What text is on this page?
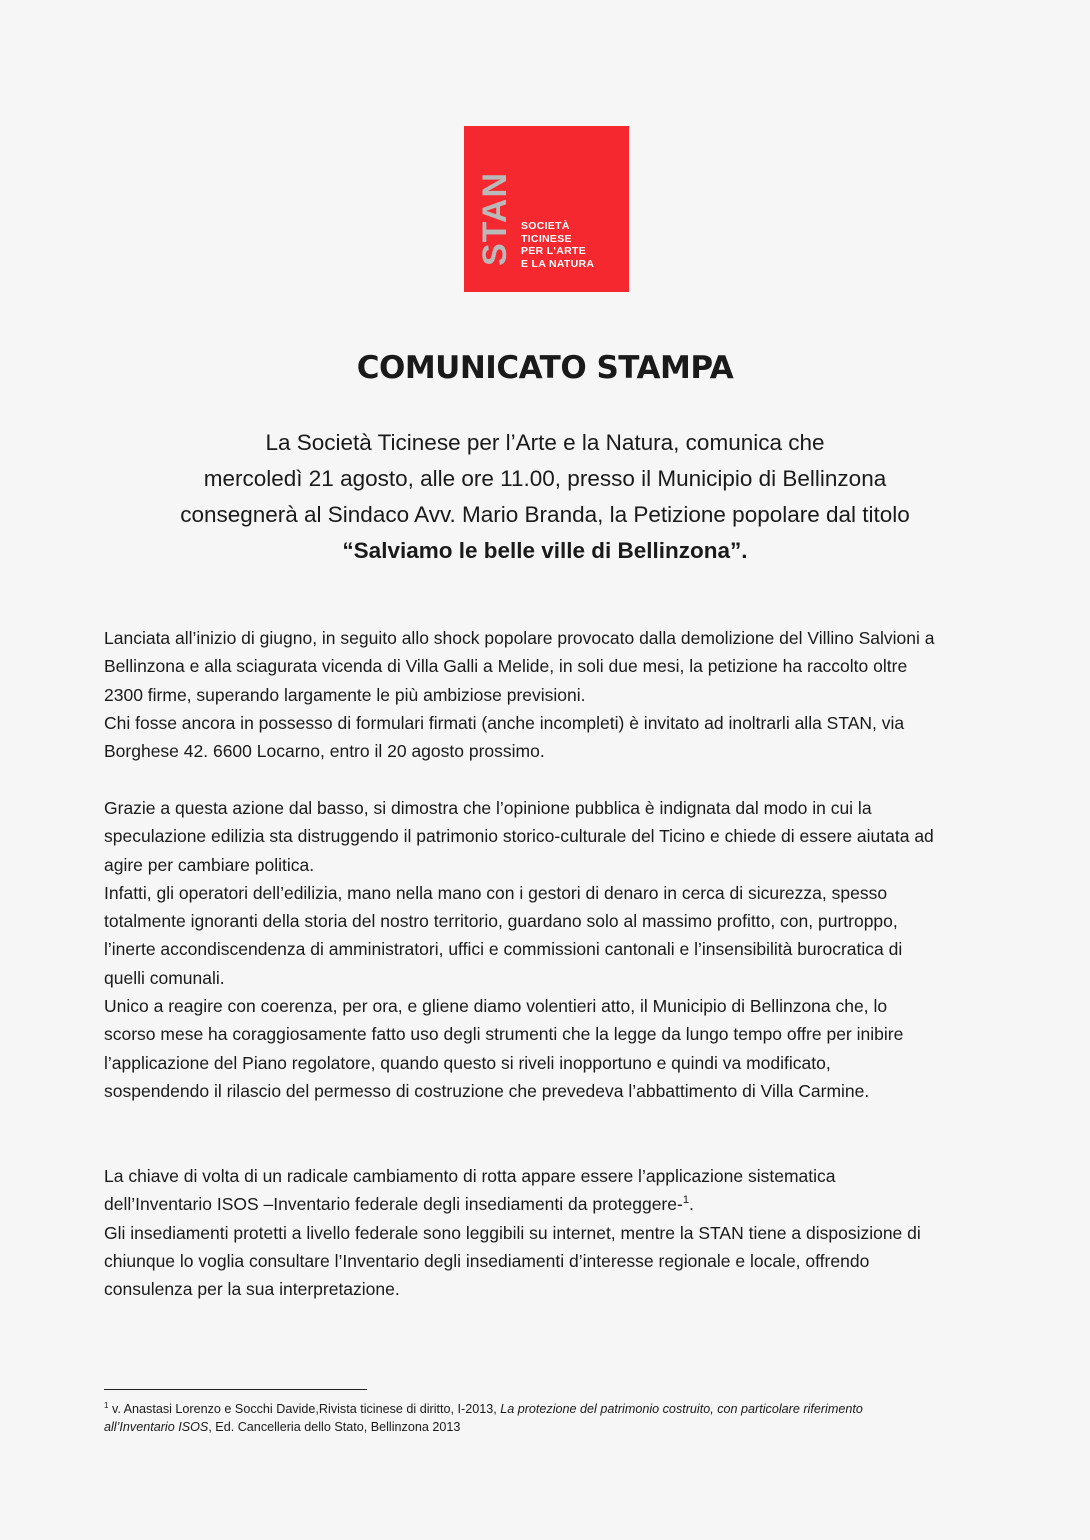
STAN SOCIETÀ
TICINESE
PER L'ARTE
E LA NATURA
COMUNICATO STAMPA
La Società Ticinese per l’Arte e la Natura, comunica che
mercoledì 21 agosto, alle ore 11.00, presso il Municipio di Bellinzona
consegnerà al Sindaco Avv. Mario Branda, la Petizione popolare dal titolo
“Salviamo le belle ville di Bellinzona”.

Lanciata all’inizio di giugno, in seguito allo shock popolare provocato dalla demolizione del Villino Salvioni a

Bellinzona e alla sciagurata vicenda di Villa Galli a Melide, in soli due mesi, la petizione ha raccolto oltre

2300 firme, superando largamente le più ambiziose previsioni.

Chi fosse ancora in possesso di formulari firmati (anche incompleti) è invitato ad inoltrarli alla STAN, via

Borghese 42. 6600 Locarno, entro il 20 agosto prossimo.

Grazie a questa azione dal basso, si dimostra che l’opinione pubblica è indignata dal modo in cui la

speculazione edilizia sta distruggendo il patrimonio storico-culturale del Ticino e chiede di essere aiutata ad

agire per cambiare politica.

Infatti, gli operatori dell’edilizia, mano nella mano con i gestori di denaro in cerca di sicurezza, spesso

totalmente ignoranti della storia del nostro territorio, guardano solo al massimo profitto, con, purtroppo,

l’inerte accondiscendenza di amministratori, uffici e commissioni cantonali e l’insensibilità burocratica di

quelli comunali.

Unico a reagire con coerenza, per ora, e gliene diamo volentieri atto, il Municipio di Bellinzona che, lo

scorso mese ha coraggiosamente fatto uso degli strumenti che la legge da lungo tempo offre per inibire

l’applicazione del Piano regolatore, quando questo si riveli inopportuno e quindi va modificato,

sospendendo il rilascio del permesso di costruzione che prevedeva l’abbattimento di Villa Carmine.

La chiave di volta di un radicale cambiamento di rotta appare essere l’applicazione sistematica

dell’Inventario ISOS –Inventario federale degli insediamenti da proteggere-$^1$.

Gli insediamenti protetti a livello federale sono leggibili su internet, mentre la STAN tiene a disposizione di

chiunque lo voglia consultare l’Inventario degli insediamenti d’interesse regionale e locale, offrendo

consulenza per la sua interpretazione.

$^1$ v. Anastasi Lorenzo e Socchi Davide,Rivista ticinese di diritto, I-2013, La protezione del patrimonio costruito, con particolare riferimento

all’Inventario ISOS, Ed. Cancelleria dello Stato, Bellinzona 2013
